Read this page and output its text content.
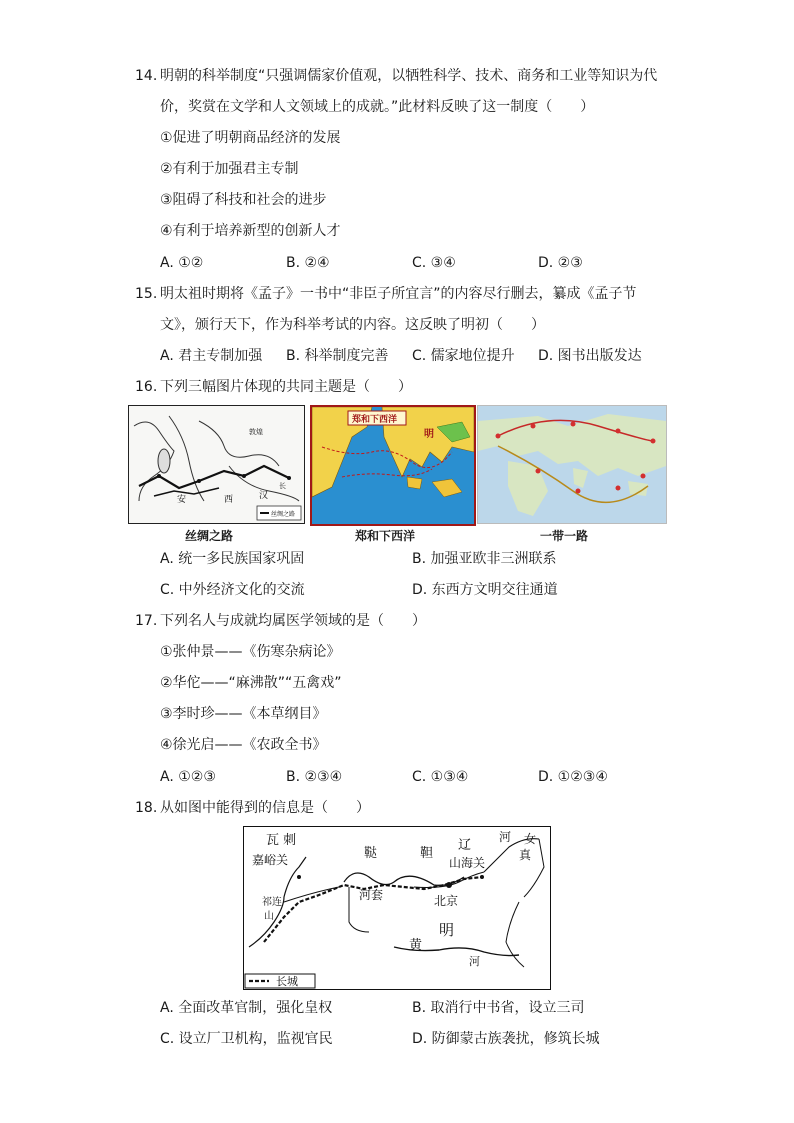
14. 明朝的科举制度“只强调儒家价值观，以牺牲科学、技术、商务和工业等知识为代
价，奖赏在文学和人文领域上的成就。”此材料反映了这一制度（　　）
①促进了明朝商品经济的发展
②有利于加强君主专制
③阻碍了科技和社会的进步
④有利于培养新型的创新人才
A. ①②	B. ②④	C. ③④	D. ②③
15. 明太祖时期将《孟子》一书中“非臣子所宜言”的内容尽行删去，纂成《孟子节
文》，颁行天下，作为科举考试的内容。这反映了明初（　　）
A. 君主专制加强 B. 科举制度完善 C. 儒家地位提升 D. 图书出版发达
16. 下列三幅图片体现的共同主题是（　　）
安	西	汉
长
敦煌
丝绸之路
郑和下西洋
明
丝绸之路	郑和下西洋	一带一路
A. 统一多民族国家巩固	B. 加强亚欧非三洲联系
C. 中外经济文化的交流	D. 东西方文明交往通道
17. 下列名人与成就均属医学领域的是（　　）
①张仲景——《伤寒杂病论》
②华佗——“麻沸散”“五禽戏”
③李时珍——《本草纲目》
④徐光启——《农政全书》
A. ①②③	B. ②③④	C. ①③④	D. ①②③④
18. 从如图中能得到的信息是（　　）
长城
瓦 刺
嘉峪关
祁连
山
鞑	靼
辽
山海关
河 女
真
河套	北京
明
黄
河
A. 全面改革官制，强化皇权	B. 取消行中书省，设立三司
C. 设立厂卫机构，监视官民	D. 防御蒙古族袭扰，修筑长城
